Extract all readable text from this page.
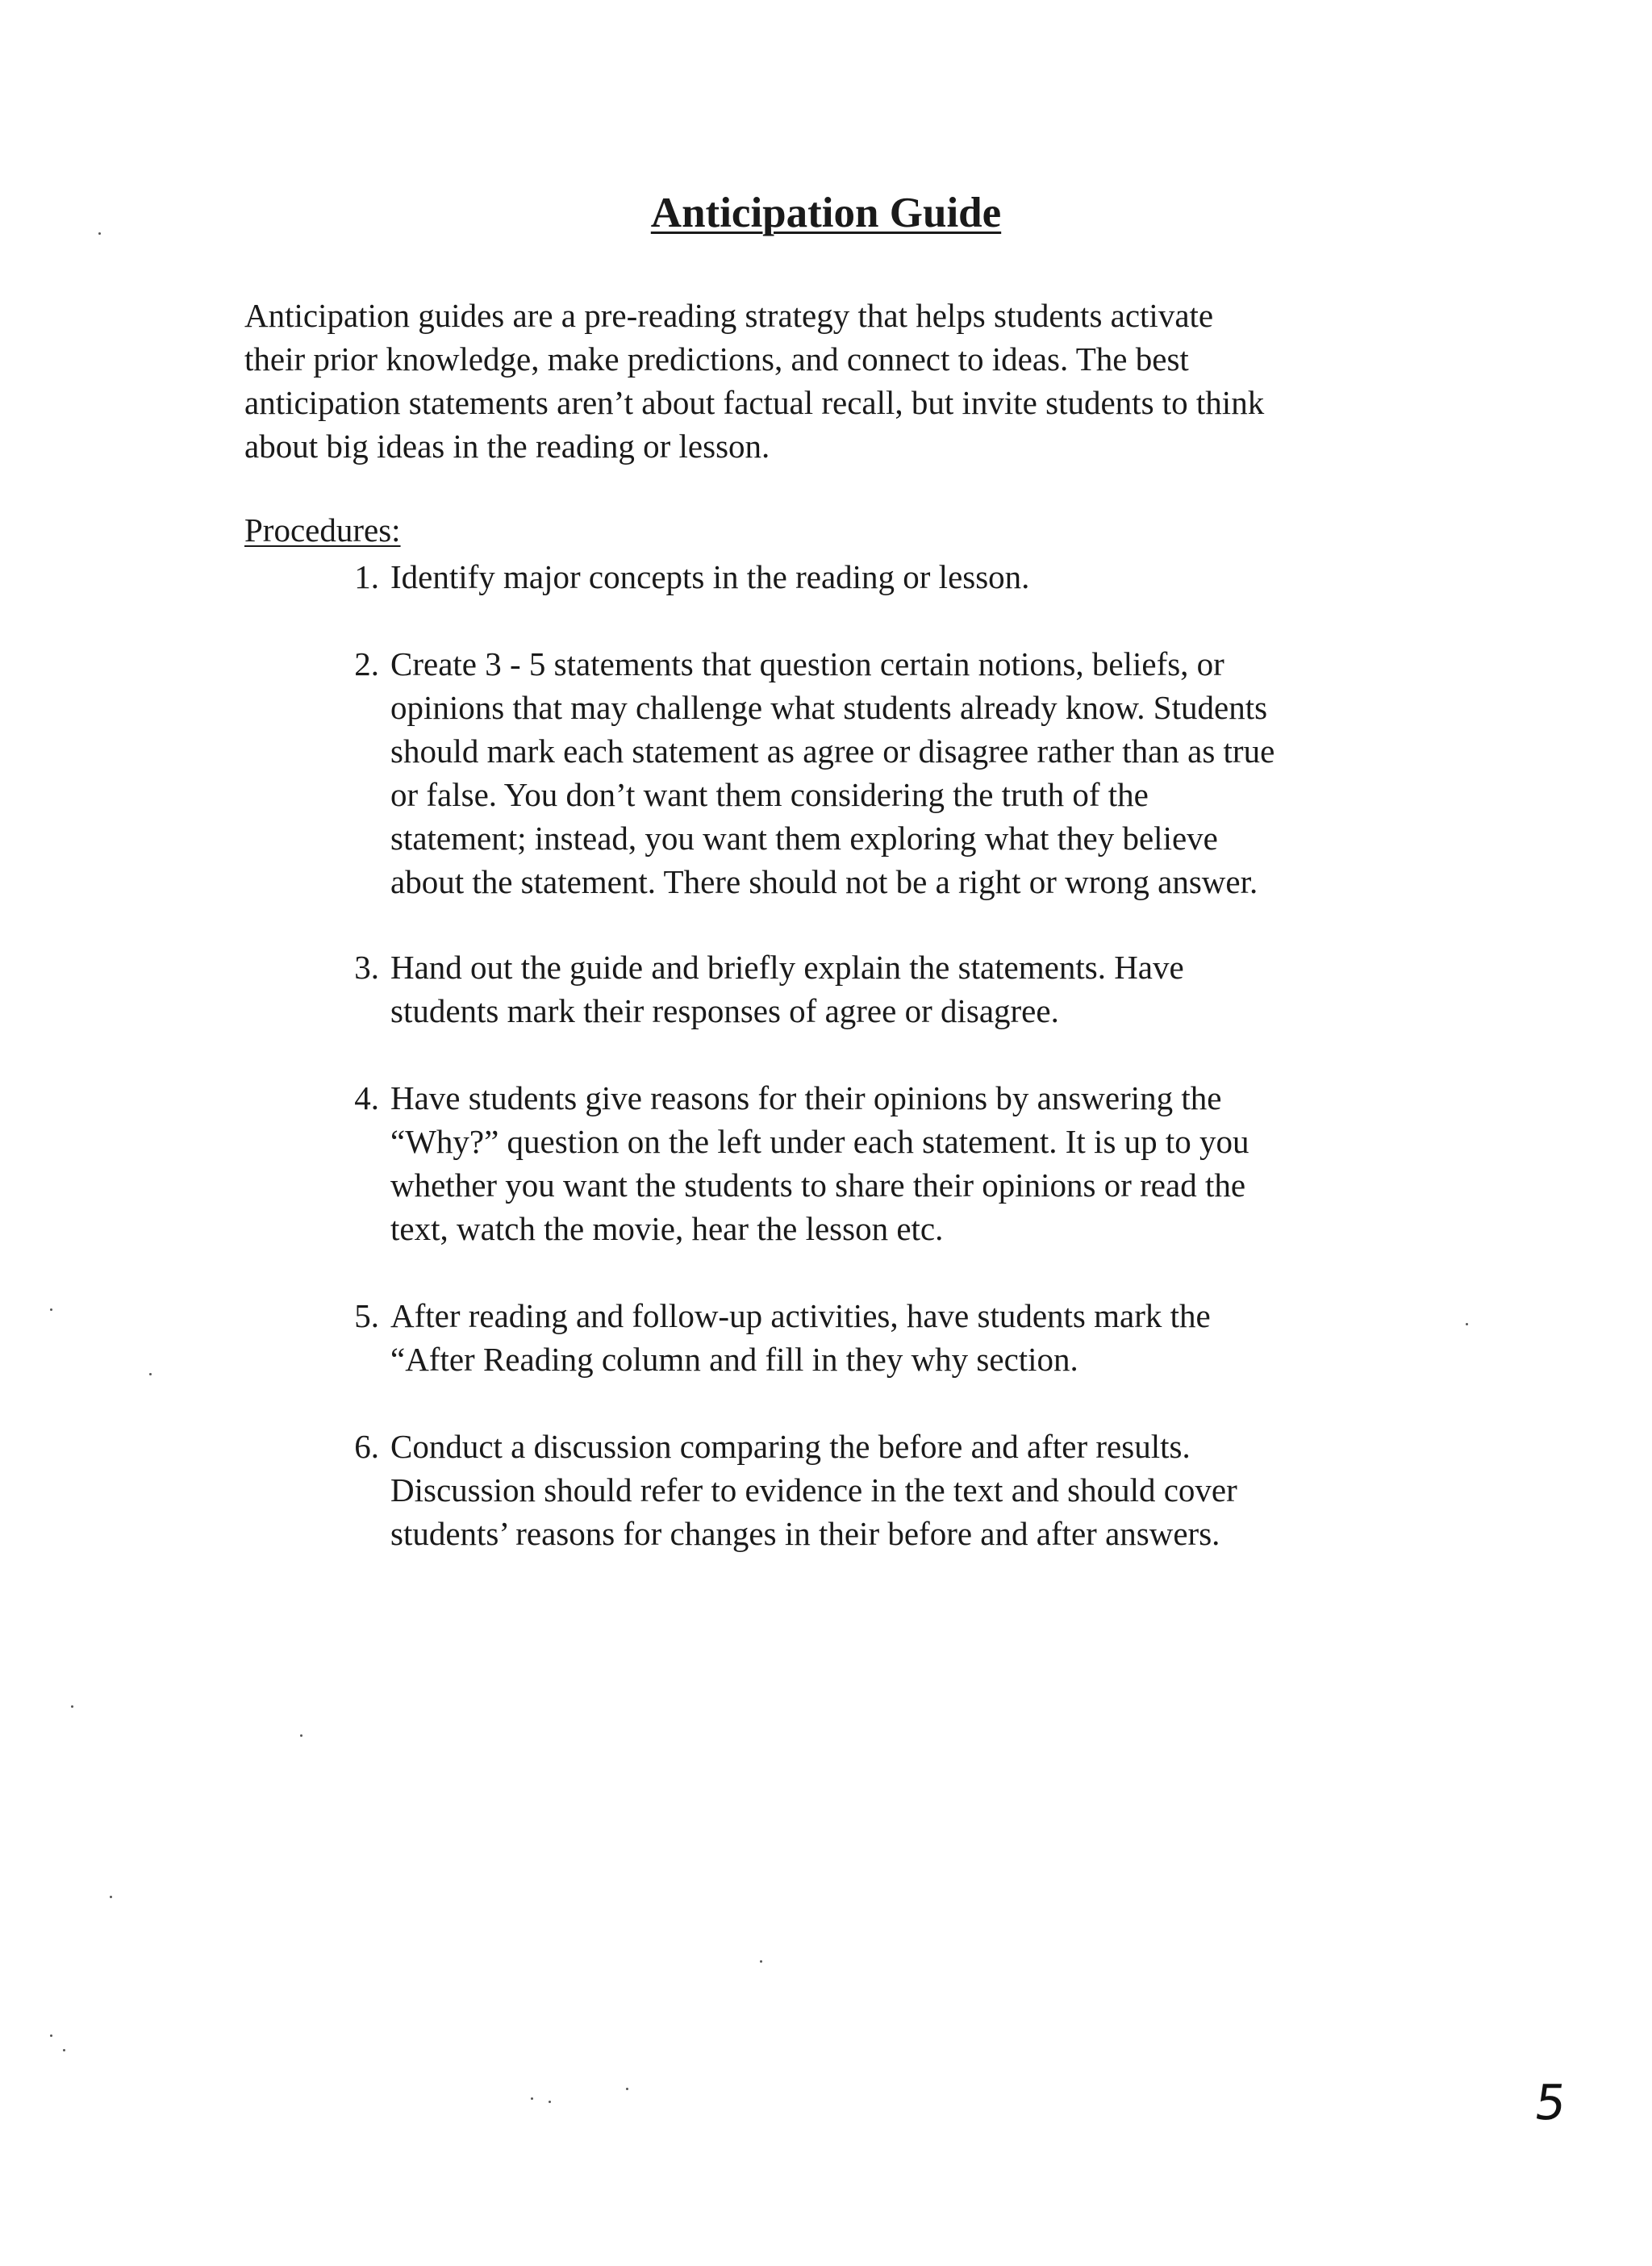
Anticipation Guide

Anticipation guides are a pre-reading strategy that helps students activate
their prior knowledge, make predictions, and connect to ideas. The best
anticipation statements aren’t about factual recall, but invite students to think
about big ideas in the reading or lesson.

Procedures:
1. Identify major concepts in the reading or lesson.
2. Create 3 - 5 statements that question certain notions, beliefs, or
opinions that may challenge what students already know. Students
should mark each statement as agree or disagree rather than as true
or false. You don’t want them considering the truth of the
statement; instead, you want them exploring what they believe
about the statement. There should not be a right or wrong answer.
3. Hand out the guide and briefly explain the statements. Have
students mark their responses of agree or disagree.
4. Have students give reasons for their opinions by answering the
“Why?” question on the left under each statement. It is up to you
whether you want the students to share their opinions or read the
text, watch the movie, hear the lesson etc.
5. After reading and follow-up activities, have students mark the
“After Reading column and fill in they why section.
6. Conduct a discussion comparing the before and after results.
Discussion should refer to evidence in the text and should cover
students’ reasons for changes in their before and after answers.
5
